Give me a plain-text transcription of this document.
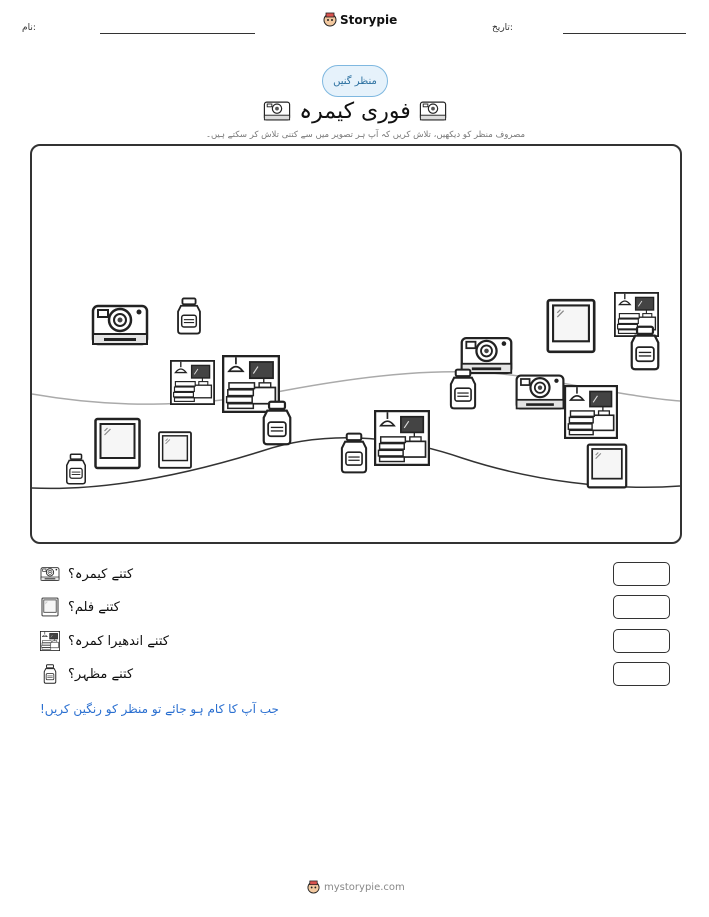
نام:
Storypie
تاریخ:
منظر گنیں
فوری کیمرہ
مصروف منظر کو دیکھیں، تلاش کریں کہ آپ ہر تصویر میں سے کتنی تلاش کر سکتے ہیں۔
کتنے کیمرہ؟
کتنے فلم؟
کتنے اندھیرا کمرہ؟
کتنے مظہر؟
جب آپ کا کام ہو جائے تو منظر کو رنگین کریں!
mystorypie.com
